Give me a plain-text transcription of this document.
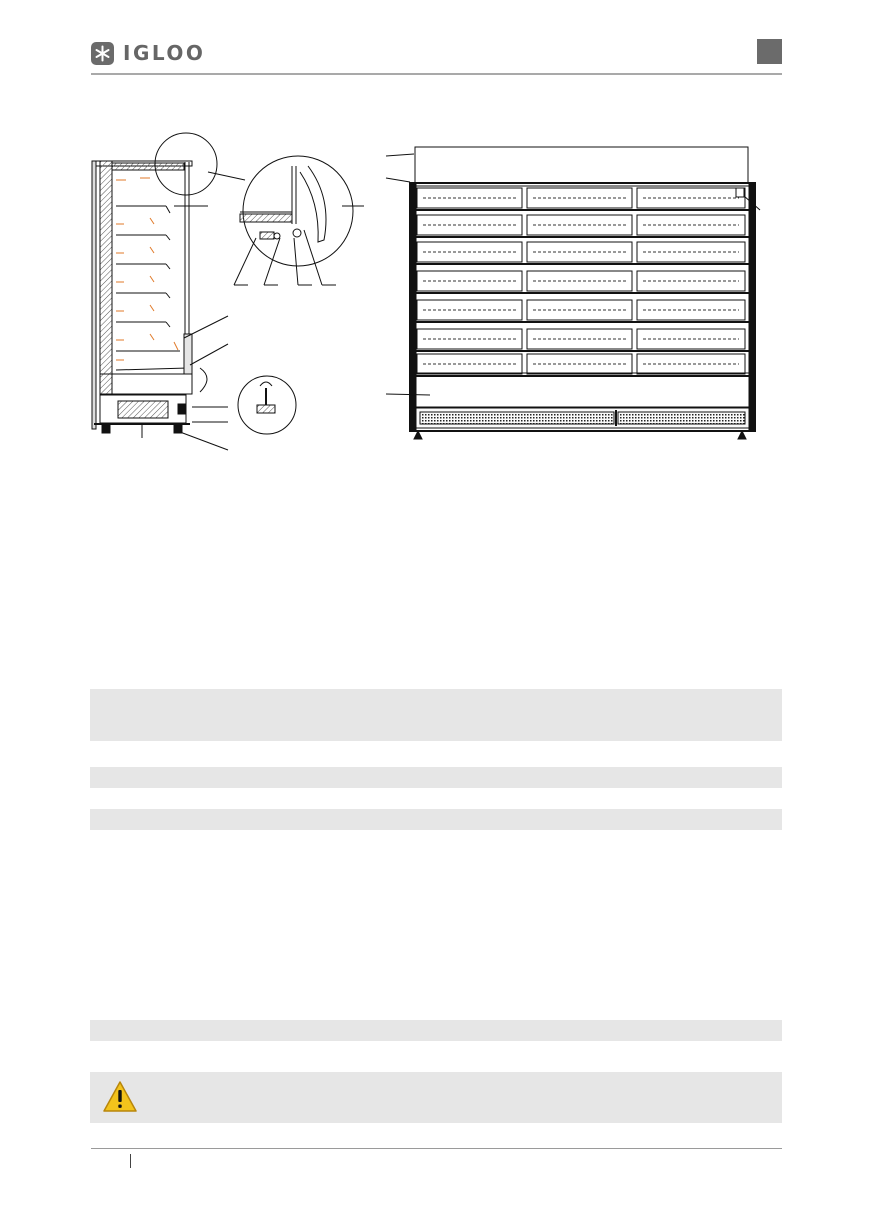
IGLOO
